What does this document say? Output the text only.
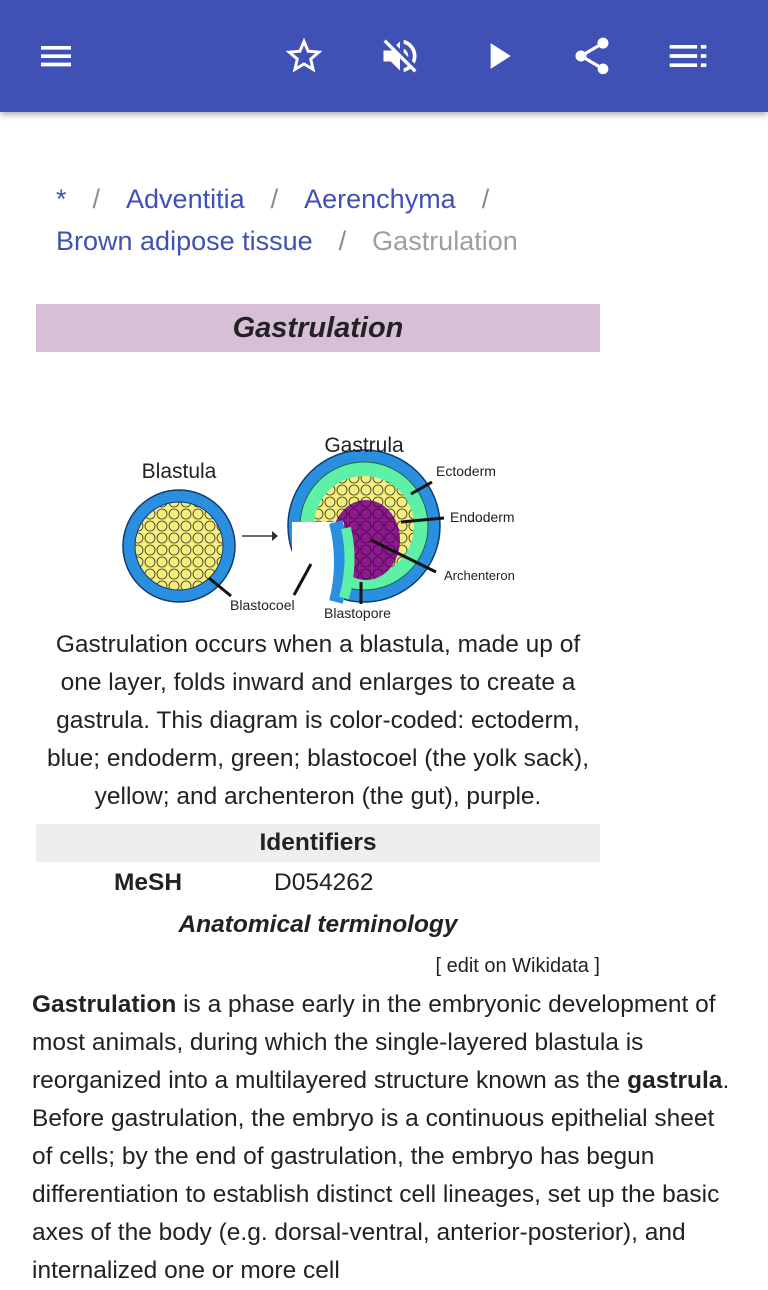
* / Adventitia / Aerenchyma /
Brown adipose tissue / Gastrulation
Gastrulation
Blastula
Gastrula
Ectoderm
Endoderm
Archenteron
Blastocoel Blastopore
Gastrulation occurs when a blastula, made up of one layer, folds inward and enlarges to create a gastrula. This diagram is color-coded: ectoderm, blue; endoderm, green; blastocoel (the yolk sack), yellow; and archenteron (the gut), purple.
Identifiers
MeSH	D054262
Anatomical terminology
[ edit on Wikidata ]
Gastrulation is a phase early in the embryonic development of most animals, during which the single-layered blastula is reorganized into a multilayered structure known as the gastrula. Before gastrulation, the embryo is a continuous epithelial sheet of cells; by the end of gastrulation, the embryo has begun differentiation to establish distinct cell lineages, set up the basic axes of the body (e.g. dorsal-ventral, anterior-posterior), and internalized one or more cell
